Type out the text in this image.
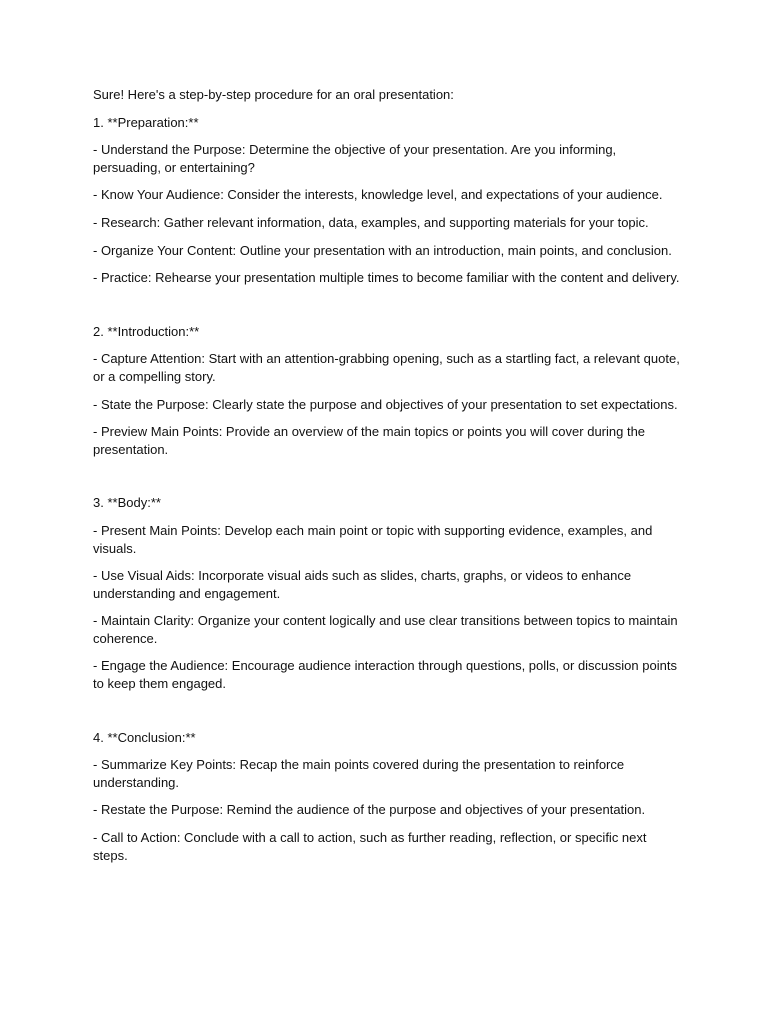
Sure! Here's a step-by-step procedure for an oral presentation:

1. **Preparation:**

- Understand the Purpose: Determine the objective of your presentation. Are you informing, persuading, or entertaining?

- Know Your Audience: Consider the interests, knowledge level, and expectations of your audience.

- Research: Gather relevant information, data, examples, and supporting materials for your topic.

- Organize Your Content: Outline your presentation with an introduction, main points, and conclusion.

- Practice: Rehearse your presentation multiple times to become familiar with the content and delivery.

2. **Introduction:**

- Capture Attention: Start with an attention-grabbing opening, such as a startling fact, a relevant quote, or a compelling story.

- State the Purpose: Clearly state the purpose and objectives of your presentation to set expectations.

- Preview Main Points: Provide an overview of the main topics or points you will cover during the presentation.

3. **Body:**

- Present Main Points: Develop each main point or topic with supporting evidence, examples, and visuals.

- Use Visual Aids: Incorporate visual aids such as slides, charts, graphs, or videos to enhance understanding and engagement.

- Maintain Clarity: Organize your content logically and use clear transitions between topics to maintain coherence.

- Engage the Audience: Encourage audience interaction through questions, polls, or discussion points to keep them engaged.

4. **Conclusion:**

- Summarize Key Points: Recap the main points covered during the presentation to reinforce understanding.

- Restate the Purpose: Remind the audience of the purpose and objectives of your presentation.

- Call to Action: Conclude with a call to action, such as further reading, reflection, or specific next steps.
